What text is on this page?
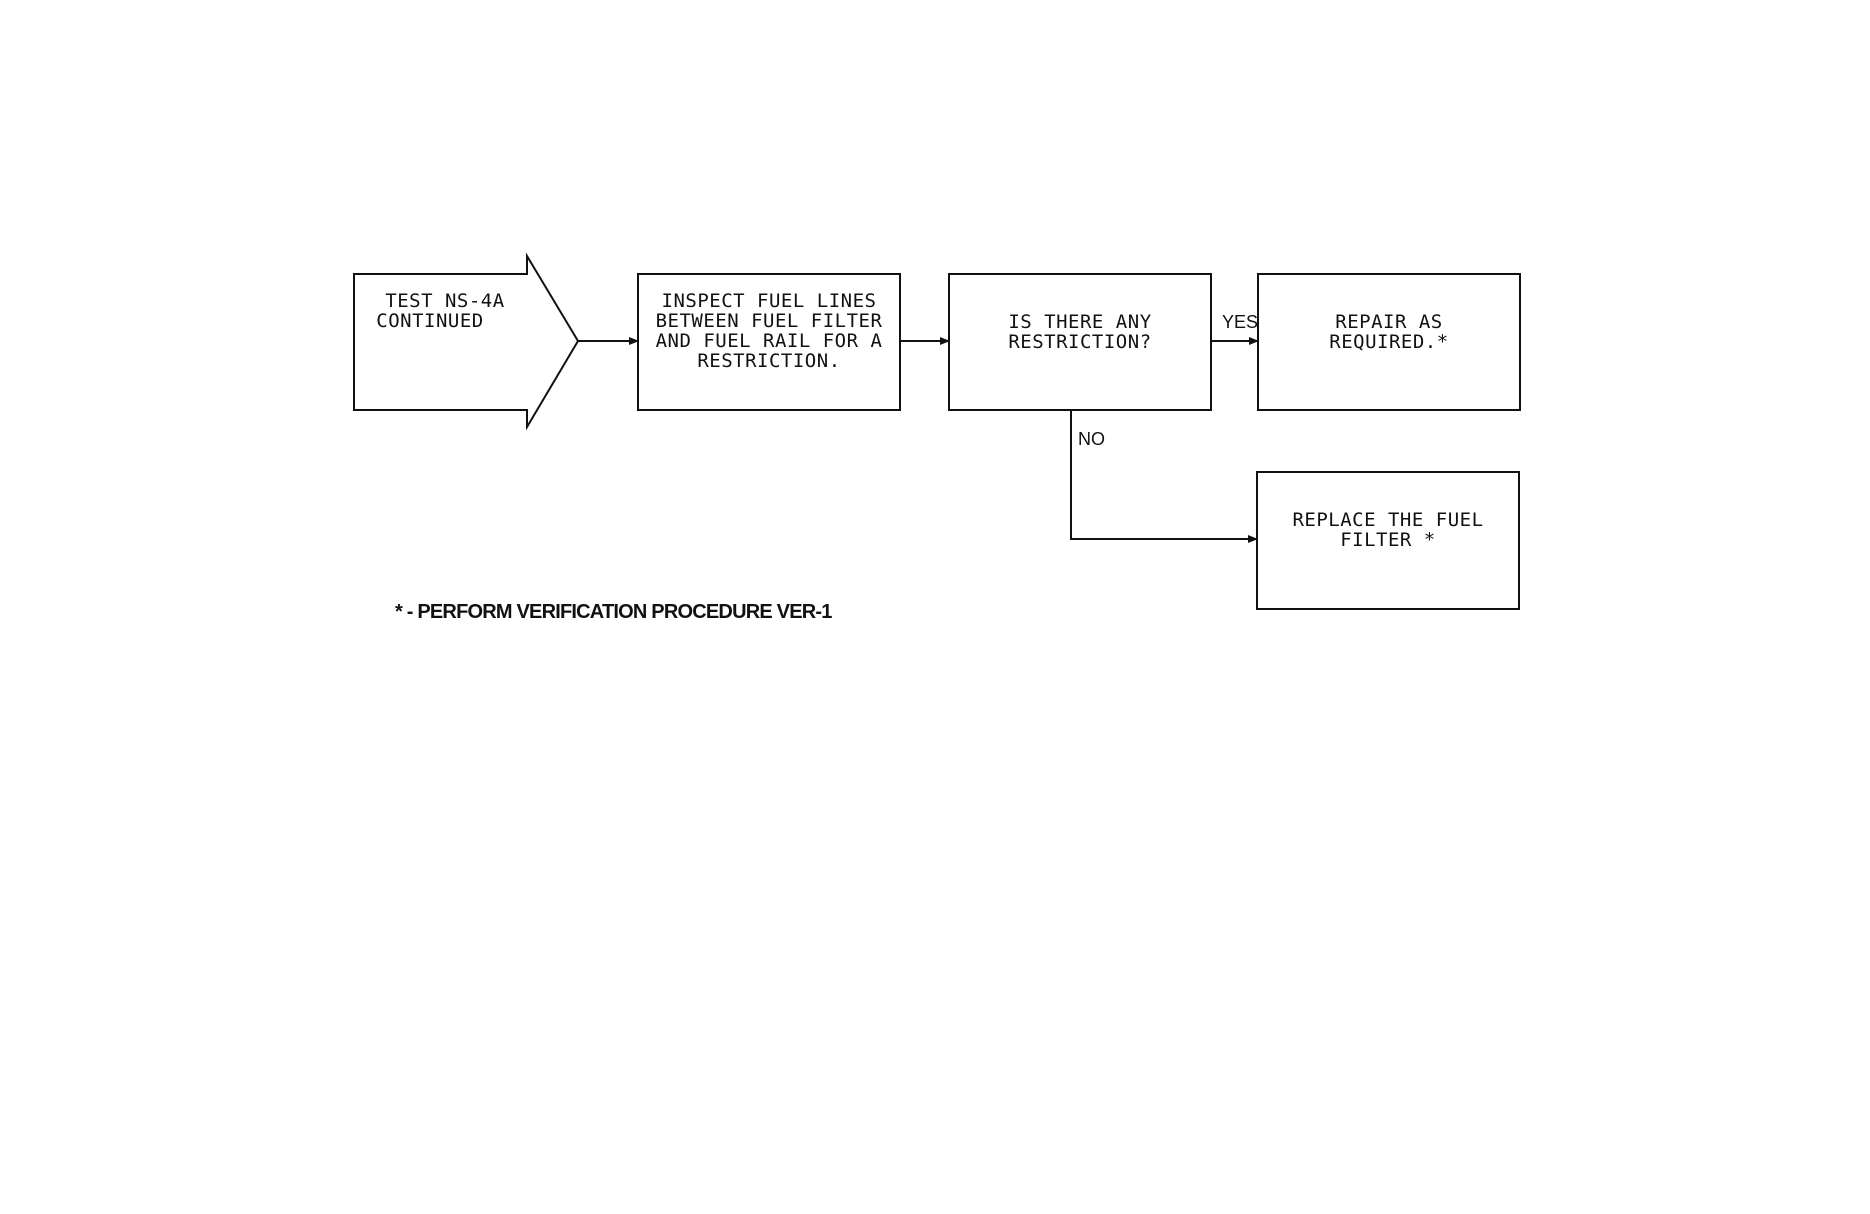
TEST NS-4A
CONTINUED
INSPECT FUEL LINES
BETWEEN FUEL FILTER
AND FUEL RAIL FOR A
RESTRICTION.
IS THERE ANY
RESTRICTION?
REPAIR AS
REQUIRED.*
REPLACE THE FUEL
FILTER *
YES
NO
* - PERFORM VERIFICATION PROCEDURE VER-1
